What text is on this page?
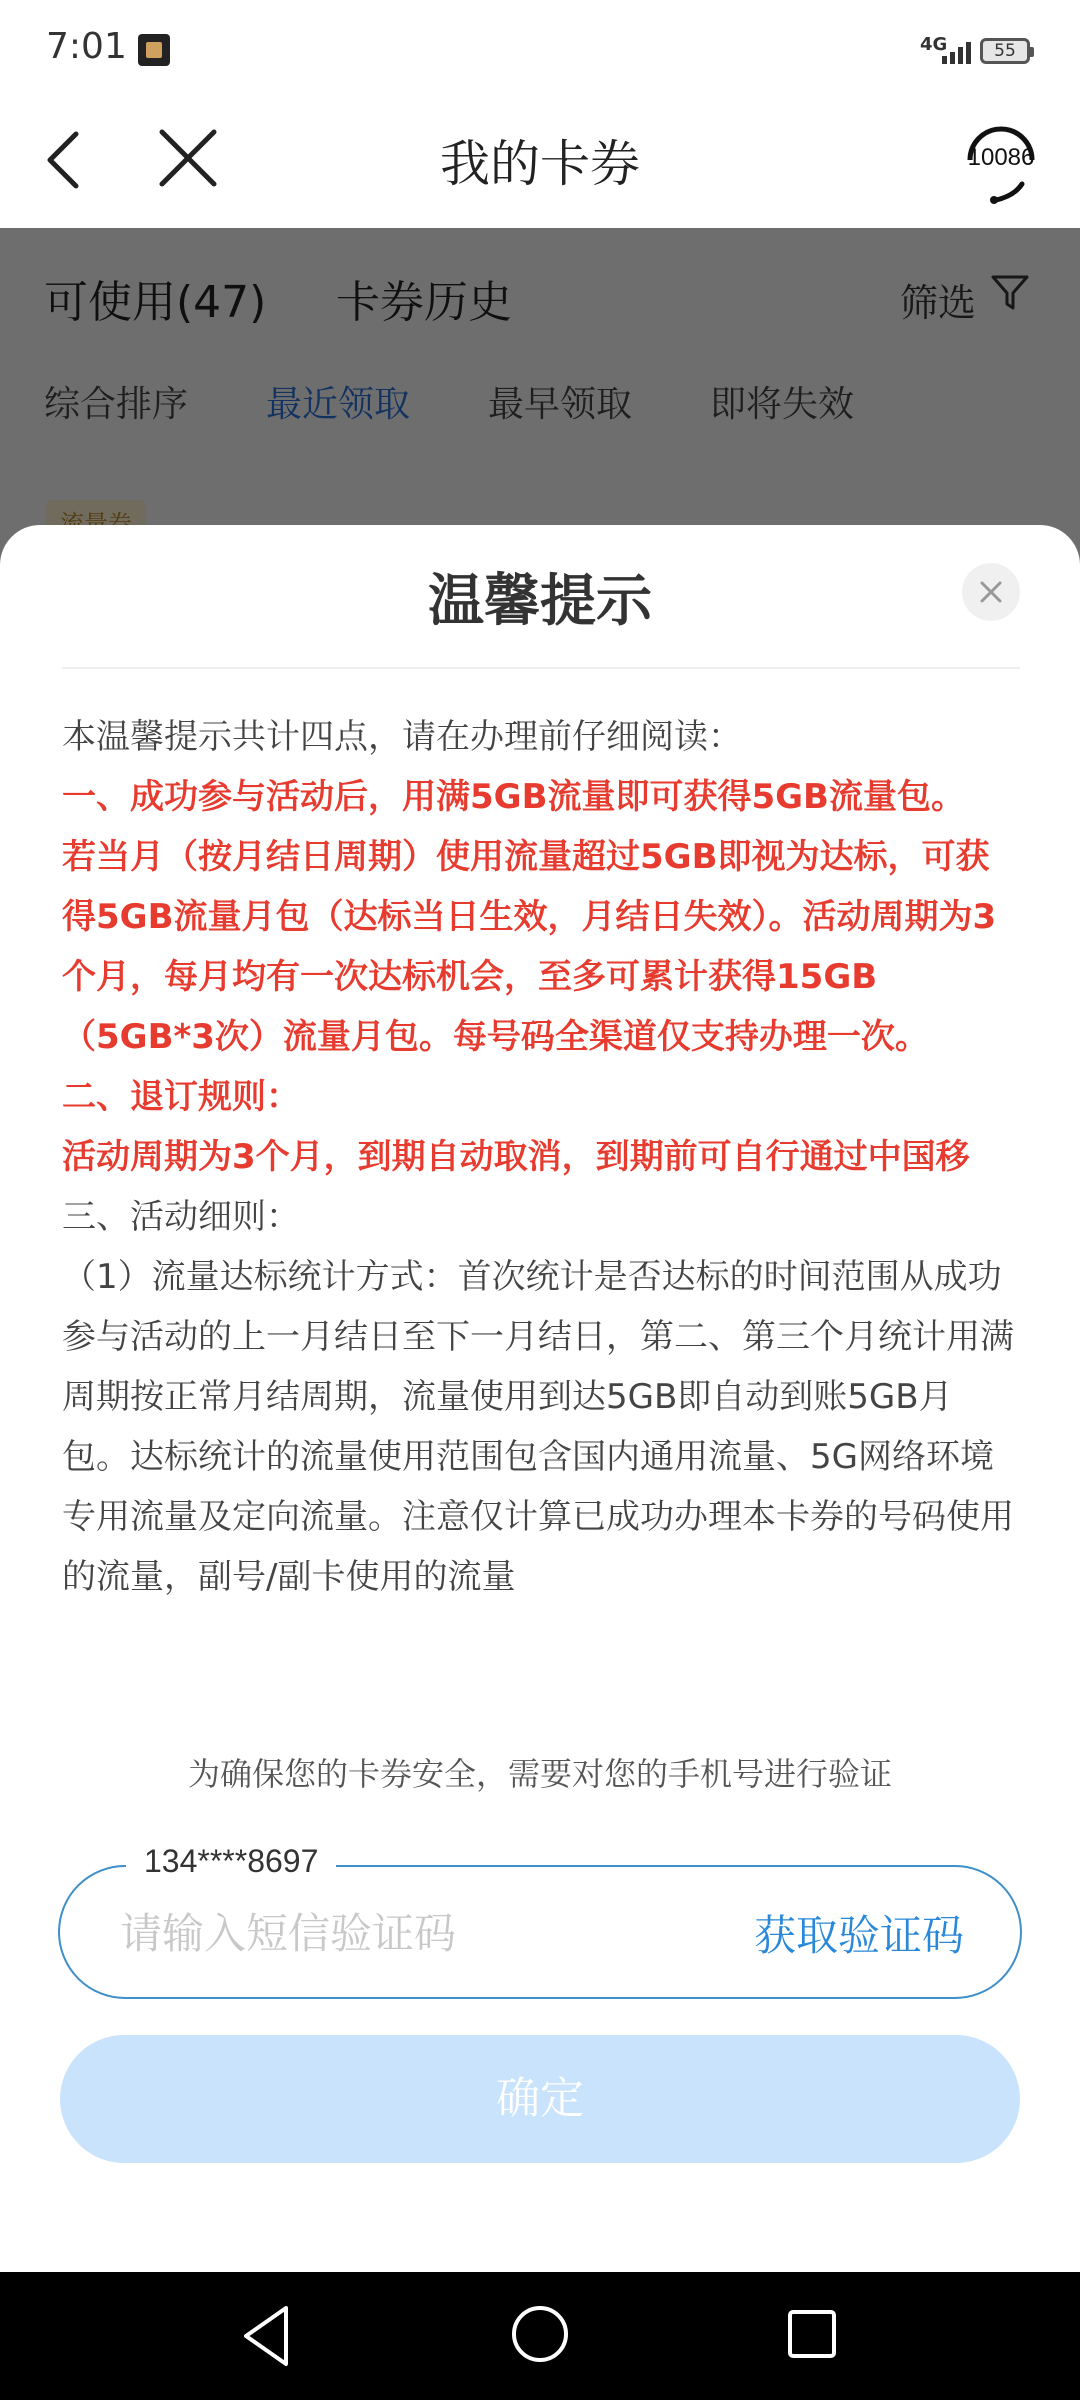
7:01	4G	55
我的卡券	10086
温馨提示

本温馨提示共计四点，请在办理前仔细阅读：

一、成功参与活动后，用满5GB流量即可获得5GB流量包。

若当月（按月结日周期）使用流量超过5GB即视为达标，可获得5GB流量月包（达标当日生效，月结日失效）。活动周期为3个月，每月均有一次达标机会，至多可累计获得15GB（5GB*3次）流量月包。每号码全渠道仅支持办理一次。

二、退订规则：

活动周期为3个月，到期自动取消，到期前可自行通过中国移

三、活动细则：

（1）流量达标统计方式：首次统计是否达标的时间范围从成功参与活动的上一月结日至下一月结日，第二、第三个月统计用满周期按正常月结周期，流量使用到达5GB即自动到账5GB月包。达标统计的流量使用范围包含国内通用流量、5G网络环境专用流量及定向流量。注意仅计算已成功办理本卡券的号码使用的流量，副号/副卡使用的流量

为确保您的卡券安全，需要对您的手机号进行验证
134****8697
请输入短信验证码
获取验证码
确定
